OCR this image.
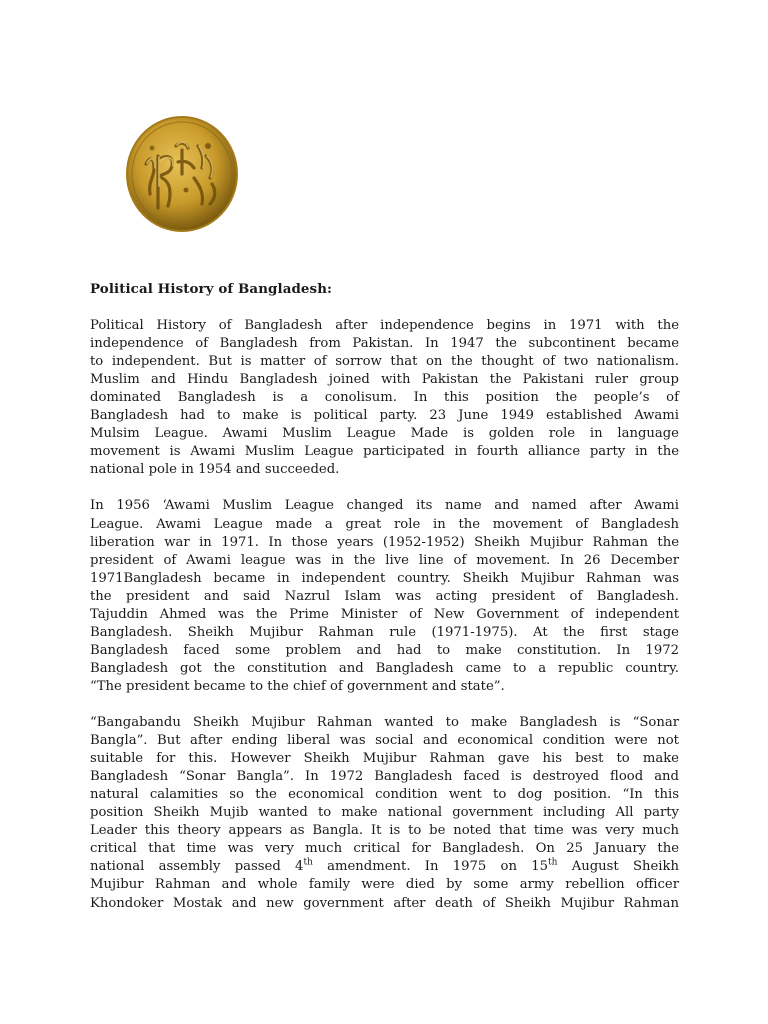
Political History of Bangladesh:
Political History of Bangladesh after independence begins in 1971 with the
independence of Bangladesh from Pakistan. In 1947 the subcontinent became
to independent. But is matter of sorrow that on the thought of two nationalism.
Muslim and Hindu Bangladesh joined with Pakistan the Pakistani ruler group
dominated Bangladesh is a conolisum. In this position the people’s of
Bangladesh had to make is political party. 23 June 1949 established Awami
Mulsim League. Awami Muslim League Made is golden role in language
movement is Awami Muslim League participated in fourth alliance party in the
national pole in 1954 and succeeded.
In 1956 ‘Awami Muslim League changed its name and named after Awami
League. Awami League made a great role in the movement of Bangladesh
liberation war in 1971. In those years (1952-1952) Sheikh Mujibur Rahman the
president of Awami league was in the live line of movement. In 26 December
1971Bangladesh became in independent country. Sheikh Mujibur Rahman was
the president and said Nazrul Islam was acting president of Bangladesh.
Tajuddin Ahmed was the Prime Minister of New Government of independent
Bangladesh. Sheikh Mujibur Rahman rule (1971-1975). At the first stage
Bangladesh faced some problem and had to make constitution. In 1972
Bangladesh got the constitution and Bangladesh came to a republic country.
“The president became to the chief of government and state”.
“Bangabandu Sheikh Mujibur Rahman wanted to make Bangladesh is “Sonar
Bangla”. But after ending liberal was social and economical condition were not
suitable for this. However Sheikh Mujibur Rahman gave his best to make
Bangladesh “Sonar Bangla”. In 1972 Bangladesh faced is destroyed flood and
natural calamities so the economical condition went to dog position. “In this
position Sheikh Mujib wanted to make national government including All party
Leader this theory appears as Bangla. It is to be noted that time was very much
critical that time was very much critical for Bangladesh. On 25 January the
national assembly passed 4th amendment. In 1975 on 15th August Sheikh
Mujibur Rahman and whole family were died by some army rebellion officer
Khondoker Mostak and new government after death of Sheikh Mujibur Rahman
